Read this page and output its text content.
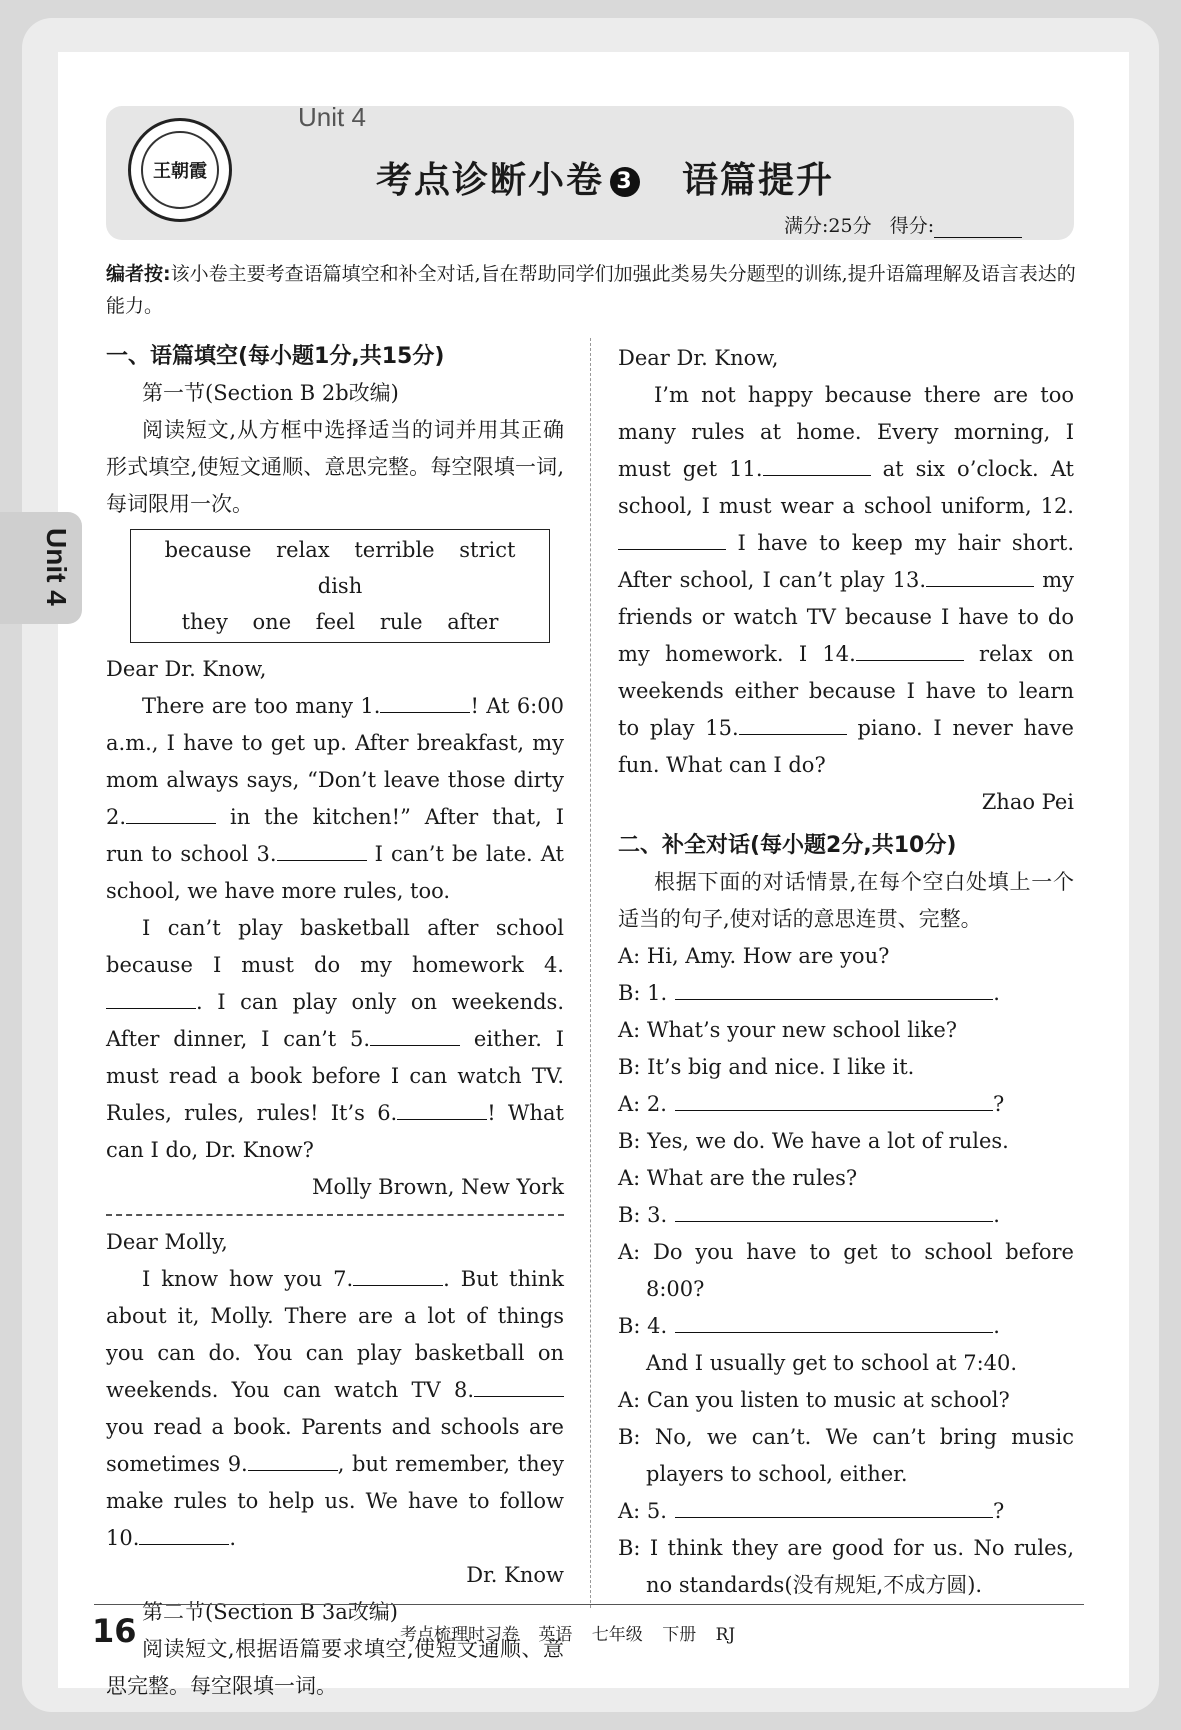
王朝霞
Unit 4
考点诊断小卷 3 语篇提升
满分:25分 得分:
Unit 4
编者按:该小卷主要考查语篇填空和补全对话,旨在帮助同学们加强此类易失分题型的训练,提升语篇理解及语言表达的能力。
一、语篇填空(每小题1分,共15分)
第一节(Section B 2b改编)
阅读短文,从方框中选择适当的词并用其正确形式填空,使短文通顺、意思完整。每空限填一词,每词限用一次。
because relax terrible strict dish
they one feel rule after
Dear Dr. Know,
There are too many 1.	! At 6:00 a.m., I have to get up. After breakfast, my mom always says, “Don’t leave those dirty 2.	in the kitchen!” After that, I run to school 3.	I can’t be late. At school, we have more rules, too.
I can’t play basketball after school because I must do my homework 4.. I can play only on weekends. After dinner, I can’t 5.	either. I must read a book before I can watch TV. Rules, rules, rules! It’s 6.	! What can I do, Dr. Know?
Molly Brown, New York
Dear Molly,
I know how you 7.	. But think about it, Molly. There are a lot of things you can do. You can play basketball on weekends. You can watch TV 8. you read a book. Parents and schools are sometimes 9.	, but remember, they make rules to help us. We have to follow 10.	.
Dr. Know
第二节(Section B 3a改编)
阅读短文,根据语篇要求填空,使短文通顺、意思完整。每空限填一词。
Dear Dr. Know,
I’m not happy because there are too many rules at home. Every morning, I must get 11.	at six o’clock. At school, I must wear a school uniform, 12. I have to keep my hair short. After school, I can’t play 13.	my friends or watch TV because I have to do my homework. I 14.	relax on weekends either because I have to learn to play 15.	piano. I never have fun. What can I do?
Zhao Pei
二、补全对话(每小题2分,共10分)
根据下面的对话情景,在每个空白处填上一个适当的句子,使对话的意思连贯、完整。
A: Hi, Amy. How are you?
B: 1.	.
A: What’s your new school like?
B: It’s big and nice. I like it.
A: 2.	?
B: Yes, we do. We have a lot of rules.
A: What are the rules?
B: 3.	.
A: Do you have to get to school before 8:00?
B: 4.	.
And I usually get to school at 7:40.
A: Can you listen to music at school?
B: No, we can’t. We can’t bring music players to school, either.
A: 5.	?
B: I think they are good for us. No rules, no standards(没有规矩,不成方圆).
16	考点梳理时习卷 英语 七年级 下册 RJ
